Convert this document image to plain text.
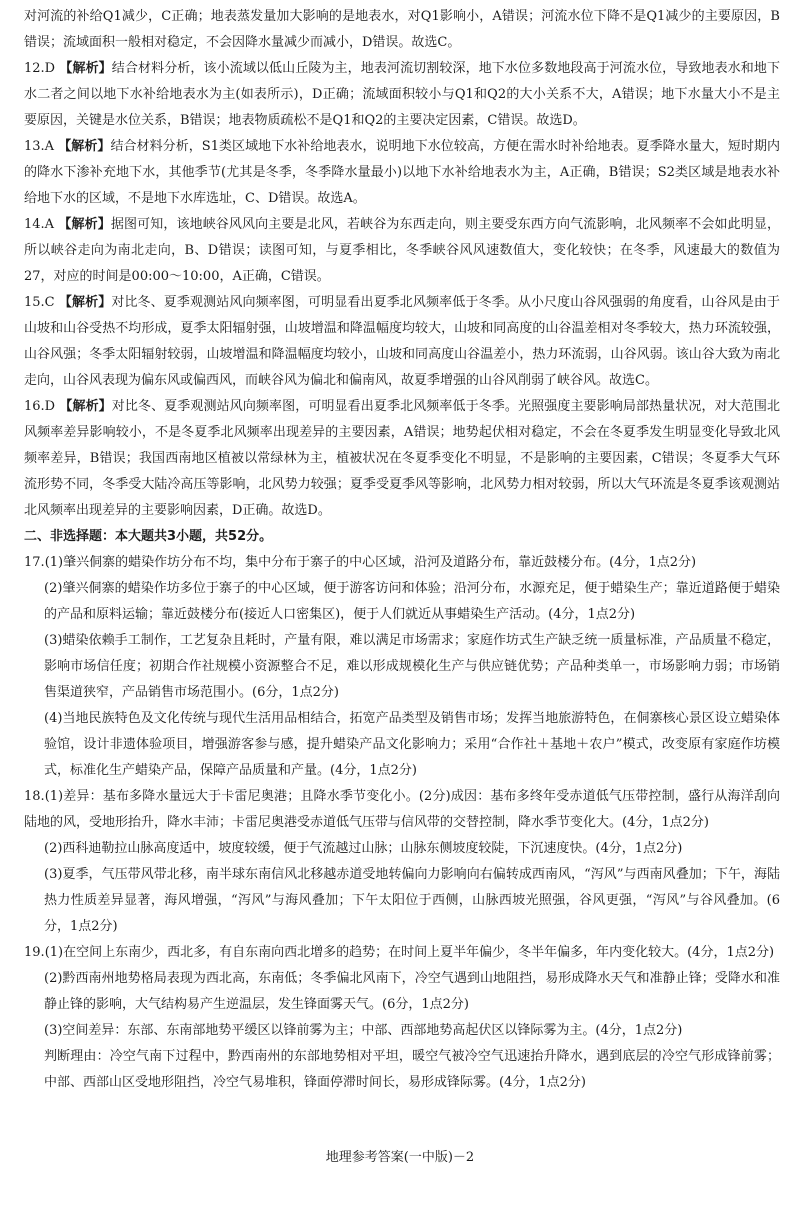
对河流的补给Q1减少，C正确；地表蒸发量加大影响的是地表水，对Q1影响小，A错误；河流水位下降不是Q1减少的主要原因，B错误；流域面积一般相对稳定，不会因降水量减少而减小，D错误。故选C。

12.D 【解析】结合材料分析，该小流域以低山丘陵为主，地表河流切割较深，地下水位多数地段高于河流水位，导致地表水和地下水二者之间以地下水补给地表水为主(如表所示)，D正确；流域面积较小与Q1和Q2的大小关系不大，A错误；地下水量大小不是主要原因，关键是水位关系，B错误；地表物质疏松不是Q1和Q2的主要决定因素，C错误。故选D。

13.A 【解析】结合材料分析，S1类区域地下水补给地表水，说明地下水位较高，方便在需水时补给地表。夏季降水量大，短时期内的降水下渗补充地下水，其他季节(尤其是冬季，冬季降水量最小)以地下水补给地表水为主，A正确，B错误；S2类区域是地表水补给地下水的区域，不是地下水库选址，C、D错误。故选A。

14.A 【解析】据图可知，该地峡谷风风向主要是北风，若峡谷为东西走向，则主要受东西方向气流影响，北风频率不会如此明显，所以峡谷走向为南北走向，B、D错误；读图可知，与夏季相比，冬季峡谷风风速数值大，变化较快；在冬季，风速最大的数值为27，对应的时间是00:00～10:00，A正确，C错误。

15.C 【解析】对比冬、夏季观测站风向频率图，可明显看出夏季北风频率低于冬季。从小尺度山谷风强弱的角度看，山谷风是由于山坡和山谷受热不均形成，夏季太阳辐射强，山坡增温和降温幅度均较大，山坡和同高度的山谷温差相对冬季较大，热力环流较强，山谷风强；冬季太阳辐射较弱，山坡增温和降温幅度均较小，山坡和同高度山谷温差小，热力环流弱，山谷风弱。该山谷大致为南北走向，山谷风表现为偏东风或偏西风，而峡谷风为偏北和偏南风，故夏季增强的山谷风削弱了峡谷风。故选C。

16.D 【解析】对比冬、夏季观测站风向频率图，可明显看出夏季北风频率低于冬季。光照强度主要影响局部热量状况，对大范围北风频率差异影响较小，不是冬夏季北风频率出现差异的主要因素，A错误；地势起伏相对稳定，不会在冬夏季发生明显变化导致北风频率差异，B错误；我国西南地区植被以常绿林为主，植被状况在冬夏季变化不明显，不是影响的主要因素，C错误；冬夏季大气环流形势不同，冬季受大陆冷高压等影响，北风势力较强；夏季受夏季风等影响，北风势力相对较弱，所以大气环流是冬夏季该观测站北风频率出现差异的主要影响因素，D正确。故选D。

二、非选择题：本大题共3小题，共52分。

17.(1)肇兴侗寨的蜡染作坊分布不均，集中分布于寨子的中心区域，沿河及道路分布，靠近鼓楼分布。(4分，1点2分)

(2)肇兴侗寨的蜡染作坊多位于寨子的中心区域，便于游客访问和体验；沿河分布，水源充足，便于蜡染生产；靠近道路便于蜡染的产品和原料运输；靠近鼓楼分布(接近人口密集区)，便于人们就近从事蜡染生产活动。(4分，1点2分)

(3)蜡染依赖手工制作，工艺复杂且耗时，产量有限，难以满足市场需求；家庭作坊式生产缺乏统一质量标准，产品质量不稳定，影响市场信任度；初期合作社规模小资源整合不足，难以形成规模化生产与供应链优势；产品种类单一，市场影响力弱；市场销售渠道狭窄，产品销售市场范围小。(6分，1点2分)

(4)当地民族特色及文化传统与现代生活用品相结合，拓宽产品类型及销售市场；发挥当地旅游特色，在侗寨核心景区设立蜡染体验馆，设计非遗体验项目，增强游客参与感，提升蜡染产品文化影响力；采用“合作社＋基地＋农户”模式，改变原有家庭作坊模式，标准化生产蜡染产品，保障产品质量和产量。(4分，1点2分)

18.(1)差异：基布多降水量远大于卡雷尼奥港；且降水季节变化小。(2分)成因：基布多终年受赤道低气压带控制，盛行从海洋刮向陆地的风，受地形抬升，降水丰沛；卡雷尼奥港受赤道低气压带与信风带的交替控制，降水季节变化大。(4分，1点2分)

(2)西科迪勒拉山脉高度适中，坡度较缓，便于气流越过山脉；山脉东侧坡度较陡，下沉速度快。(4分，1点2分)

(3)夏季，气压带风带北移，南半球东南信风北移越赤道受地转偏向力影响向右偏转成西南风，“泻风”与西南风叠加；下午，海陆热力性质差异显著，海风增强，“泻风”与海风叠加；下午太阳位于西侧，山脉西坡光照强，谷风更强，“泻风”与谷风叠加。(6分，1点2分)

19.(1)在空间上东南少，西北多，有自东南向西北增多的趋势；在时间上夏半年偏少，冬半年偏多，年内变化较大。(4分，1点2分)

(2)黔西南州地势格局表现为西北高，东南低；冬季偏北风南下，冷空气遇到山地阻挡，易形成降水天气和准静止锋；受降水和准静止锋的影响，大气结构易产生逆温层，发生锋面雾天气。(6分，1点2分)

(3)空间差异：东部、东南部地势平缓区以锋前雾为主；中部、西部地势高起伏区以锋际雾为主。(4分，1点2分)

判断理由：冷空气南下过程中，黔西南州的东部地势相对平坦，暖空气被冷空气迅速抬升降水，遇到底层的冷空气形成锋前雾；中部、西部山区受地形阻挡，冷空气易堆积，锋面停滞时间长，易形成锋际雾。(4分，1点2分)

地理参考答案(一中版)－2
